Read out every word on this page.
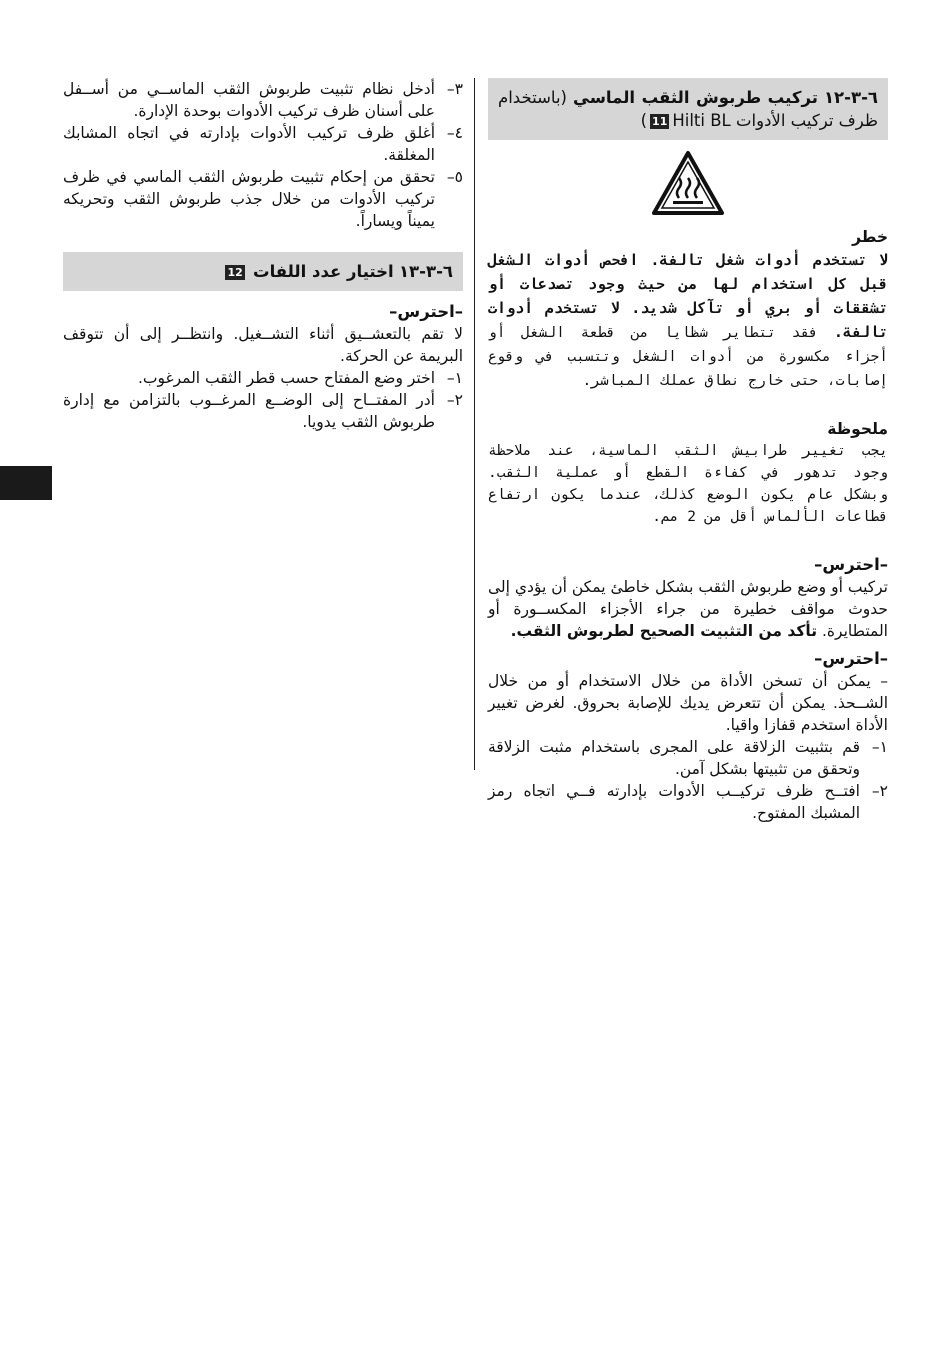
٦-٣-١٢ تركيب طربوش الثقب الماسي (باستخدام ظرف تركيب الأدوات Hilti BL11)

خطر

لا تستخدم أدوات شغل تالفة. افحص أدوات الشغل قبل كل استخدام لها من حيث وجود تصدعات أو تشققات أو بري أو تآكل شديد. لا تستخدم أدوات تالفة. فقد تتطاير شظايا من قطعة الشغل أو أجزاء مكسورة من أدوات الشغل وتتسبب في وقوع إصابات، حتى خارج نطاق عملك المباشر.

ملحوظة

يجب تغيير طرابيش الثقب الماسية، عند ملاحظة وجود تدهور في كفاءة القطع أو عملية الثقب. وبشكل عام يكون الوضع كذلك، عندما يكون ارتفاع قطاعات الألماس أقل من 2 مم.

–احترس–

تركيب أو وضع طربوش الثقب بشكل خاطئ يمكن أن يؤدي إلى حدوث مواقف خطيرة من جراء الأجزاء المكســورة أو المتطايرة. تأكد من التثبيت الصحيح لطربوش الثقب.

–احترس–

– يمكن أن تسخن الأداة من خلال الاستخدام أو من خلال الشــحذ. يمكن أن تتعرض يديك للإصابة بحروق. لغرض تغيير الأداة استخدم قفازا واقيا.

١–قم بتثبيت الزلاقة على المجرى باستخدام مثبت الزلاقة وتحقق من تثبيتها بشكل آمن.

٢–افتــح ظرف تركيــب الأدوات بإدارته فــي اتجاه رمز المشبك المفتوح.

٣–أدخل نظام تثبيت طربوش الثقب الماســي من أســفل على أسنان ظرف تركيب الأدوات بوحدة الإدارة.

٤–أغلق ظرف تركيب الأدوات بإدارته في اتجاه المشابك المغلقة.

٥–تحقق من إحكام تثبيت طربوش الثقب الماسي في ظرف تركيب الأدوات من خلال جذب طربوش الثقب وتحريكه يميناً ويساراً.

٦-٣-١٣ اختيار عدد اللفات 12

–احترس–

لا تقم بالتعشــيق أثناء التشــغيل. وانتظــر إلى أن تتوقف البريمة عن الحركة.

١–اختر وضع المفتاح حسب قطر الثقب المرغوب.

٢–أدر المفتــاح إلى الوضــع المرغــوب بالتزامن مع إدارة طربوش الثقب يدويا.
